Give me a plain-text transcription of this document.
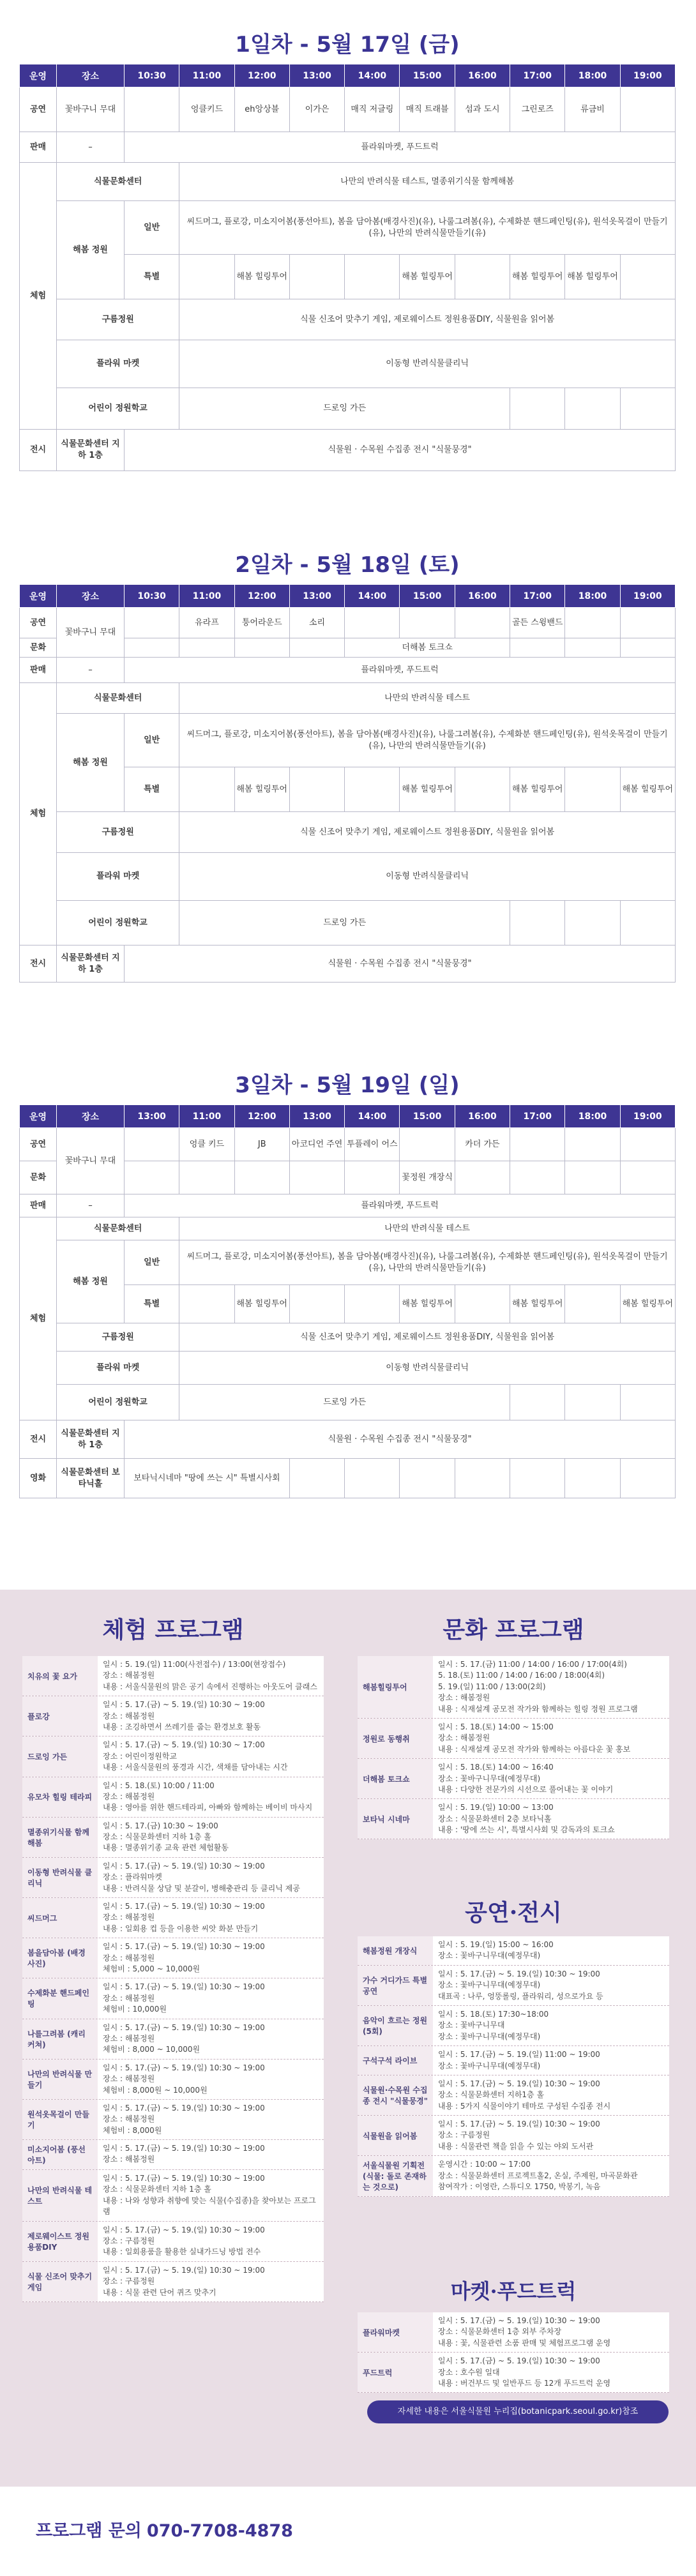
1일차 - 5월 17일 (금)
운영	장소	10:30	11:00	12:00	13:00	14:00	15:00	16:00	17:00	18:00	19:00
공연	꽃바구니 무대		엉클키드	eh앙상블	이가은	매직 저글링	매직 트래블	섬과 도시	그린로즈	류금비	
판매	–	플라워마켓, 푸드트럭									
체험	식물문화센터		나만의 반려식물 테스트, 멸종위기식물 함께해봄								
	해봄 정원	일반	씨드머그, 플로강, 미소지어봄(풍선아트), 봄을 담아봄(배경사진)(유), 나룰그려봄(유), 수제화분 핸드페인팅(유), 원석옷목걸이 만들기(유), 나만의 반려식물만들기(유)								
		특별		해봄 힐링투어			해봄 힐링투어		해봄 힐링투어	해봄 힐링투어	
	구름정원		식물 신조어 맞추기 게임, 제로웨이스트 정원용품DIY, 식물원을 읽어봄								
	플라워 마켓		이동형 반려식물클리닉								
	어린이 정원학교		드로잉 가든								
전시	식물문화센터 지하 1층	식물원 · 수목원 수집종 전시 "식물뭉경"									
2일차 - 5월 18일 (토)
운영	장소	10:30	11:00	12:00	13:00	14:00	15:00	16:00	17:00	18:00	19:00
공연	꽃바구니 무대		유라프	퉁어라운드	소리				골든 스윙밴드		
문화						더해봄 토크쇼					
판매	–	플라워마켓, 푸드트럭									
체험	식물문화센터		나만의 반려식물 테스트								
	해봄 정원	일반	씨드머그, 플로강, 미소지어봄(풍선아트), 봄을 담아봄(배경사진)(유), 나룰그려봄(유), 수제화분 핸드페인팅(유), 원석옷목걸이 만들기(유), 나만의 반려식물만들기(유)								
		특별		해봄 힐링투어			해봄 힐링투어		해봄 힐링투어		해봄 힐링투어
	구름정원		식물 신조어 맞추기 게임, 제로웨이스트 정원용품DIY, 식물원을 읽어봄								
	플라워 마켓		이동형 반려식물클리닉								
	어린이 정원학교		드로잉 가든								
전시	식물문화센터 지하 1층	식물원 · 수목원 수집종 전시 "식물뭉경"									
3일차 - 5월 19일 (일)
운영	장소	13:00	11:00	12:00	13:00	14:00	15:00	16:00	17:00	18:00	19:00
공연	꽃바구니 무대		엉클 키드	JB	아코디언 주연	투플레이 어스		카더 가든			
문화							꽃정원 개장식				
판매	–	플라워마켓, 푸드트럭									
체험	식물문화센터		나만의 반려식물 테스트								
	해봄 정원	일반	씨드머그, 플로강, 미소지어봄(풍선아트), 봄을 담아봄(배경사진)(유), 나룰그려봄(유), 수제화분 핸드페인팅(유), 원석옷목걸이 만들기(유), 나만의 반려식물만들기(유)								
		특별		해봄 힐링투어			해봄 힐링투어		해봄 힐링투어		해봄 힐링투어
	구름정원		식물 신조어 맞추기 게임, 제로웨이스트 정원용품DIY, 식물원을 읽어봄								
	플라워 마켓		이동형 반려식물클리닉								
	어린이 정원학교		드로잉 가든								
전시	식물문화센터 지하 1층	식물원 · 수목원 수집종 전시 "식물뭉경"									
영화	식물문화센터 보타닉홀	보타닉시네마 "땅에 쓰는 시" 특별시사회									
체험 프로그램
치유의 꽃 요가
일시 : 5. 19.(일) 11:00(사전접수) / 13:00(현장접수)
장소 : 해봄정원
내용 : 서울식물원의 맑은 공기 속에서 진행하는 아웃도어 클래스
플로강
일시 : 5. 17.(금) ~ 5. 19.(일) 10:30 ~ 19:00
장소 : 해봄정원
내용 : 조깅하면서 쓰레기를 줍는 환경보호 활동
드로잉 가든
일시 : 5. 17.(금) ~ 5. 19.(일) 10:30 ~ 17:00
장소 : 어린이정원학교
내용 : 서울식물원의 풍경과 시간, 색채를 담아내는 시간
유모차 힐링 테라피
일시 : 5. 18.(토) 10:00 / 11:00
장소 : 해봄정원
내용 : 영아를 위한 핸드테라피, 아빠와 함께하는 베이비 마사지
멸종위기식물 함께해봄
일시 : 5. 17.(금) 10:30 ~ 19:00
장소 : 식물문화센터 지하 1층 홀
내용 : 멸종위기종 교육 관련 체험활동
이동형 반려식물 클리닉
일시 : 5. 17.(금) ~ 5. 19.(일) 10:30 ~ 19:00
장소 : 플라워마켓
내용 : 반려식물 상담 및 분갈이, 병해충관리 등 클리닉 제공
씨드머그
일시 : 5. 17.(금) ~ 5. 19.(일) 10:30 ~ 19:00
장소 : 해봄정원
내용 : 일회용 컵 등을 이용한 씨앗 화분 만들기
봄을담아봄 (배경사진)
일시 : 5. 17.(금) ~ 5. 19.(일) 10:30 ~ 19:00
장소 : 해봄정원
체험비 : 5,000 ~ 10,000원
수제화분 핸드페인팅
일시 : 5. 17.(금) ~ 5. 19.(일) 10:30 ~ 19:00
장소 : 해봄정원
체험비 : 10,000원
나를그려봄 (캐리커쳐)
일시 : 5. 17.(금) ~ 5. 19.(일) 10:30 ~ 19:00
장소 : 해봄정원
체험비 : 8,000 ~ 10,000원
나만의 반려식물 만들기
일시 : 5. 17.(금) ~ 5. 19.(일) 10:30 ~ 19:00
장소 : 해봄정원
체험비 : 8,000원 ~ 10,000원
원석옷목걸이 만들기
일시 : 5. 17.(금) ~ 5. 19.(일) 10:30 ~ 19:00
장소 : 해봄정원
체험비 : 8,000원
미소지어봄 (풍선아트)
일시 : 5. 17.(금) ~ 5. 19.(일) 10:30 ~ 19:00
장소 : 해봄정원
나만의 반려식물 테스트
일시 : 5. 17.(금) ~ 5. 19.(일) 10:30 ~ 19:00
장소 : 식물문화센터 지하 1층 홀
내용 : 나와 성향과 취향에 맞는 식물(수집종)을 찾아보는 프로그램
제로웨이스트 정원용품DIY
일시 : 5. 17.(금) ~ 5. 19.(일) 10:30 ~ 19:00
장소 : 구름정원
내용 : 일회용품을 활용한 실내가드닝 방법 전수
식물 신조어 맞추기 게임
일시 : 5. 17.(금) ~ 5. 19.(일) 10:30 ~ 19:00
장소 : 구름정원
내용 : 식물 관련 단어 퀴즈 맞추기
문화 프로그램
해봄힐링투어
일시 : 5. 17.(금) 11:00 / 14:00 / 16:00 / 17:00(4회)
5. 18.(토) 11:00 / 14:00 / 16:00 / 18:00(4회)
5. 19.(일) 11:00 / 13:00(2회)
장소 : 해봄정원
내용 : 식재설계 공모전 작가와 함께하는 힐링 정원 프로그램
정원로 동행취
일시 : 5. 18.(토) 14:00 ~ 15:00
장소 : 해봄정원
내용 : 식재설계 공모전 작가와 함께하는 아름다운 꽃 홍보
더해봄 토크쇼
일시 : 5. 18.(토) 14:00 ~ 16:40
장소 : 꽃바구니무대(예정무대)
내용 : 다양한 전문가의 시선으로 풀어내는 꽃 이야기
보타닉 시네마
일시 : 5. 19.(일) 10:00 ~ 13:00
장소 : 식물문화센터 2층 보타닉홀
내용 : '땅에 쓰는 시', 특별시사회 및 감독과의 토크쇼
공연·전시
해봄정원 개장식
일시 : 5. 19.(일) 15:00 ~ 16:00
장소 : 꽃바구니무대(예정무대)
가수 거디가드 특별공연
일시 : 5. 17.(금) ~ 5. 19.(일) 10:30 ~ 19:00
장소 : 꽃바구니무대(예정무대)
대표곡 : 나루, 엉뚱롤링, 플라워리, 성으로가요 등
음악이 흐르는 정원(5회)
일시 : 5. 18.(토) 17:30~18:00
장소 : 꽃바구니무대
장소 : 꽃바구니무대(예정무대)
구석구석 라이브
일시 : 5. 17.(금) ~ 5. 19.(일) 11:00 ~ 19:00
장소 : 꽃바구니무대(예정무대)
식물원·수목원 수집종 전시 "식물뭉경"
일시 : 5. 17.(금) ~ 5. 19.(일) 10:30 ~ 19:00
장소 : 식물문화센터 지하1층 홀
내용 : 5가지 식물이야기 테마로 구성된 수집종 전시
식물원을 읽어봄
일시 : 5. 17.(금) ~ 5. 19.(일) 10:30 ~ 19:00
장소 : 구름정원
내용 : 식물관련 책을 읽을 수 있는 야외 도서관
서울식물원 기획전 (식물: 돌로 존재하는 것으로)
운영시간 : 10:00 ~ 17:00
장소 : 식물문화센터 프로젝트홀2, 온실, 주제원, 마곡문화관
참여작가 : 이영란, 스튜디오 1750, 박봉기, 녹음
마켓·푸드트럭
플라워마켓
일시 : 5. 17.(금) ~ 5. 19.(일) 10:30 ~ 19:00
장소 : 식물문화센터 1층 외부 주차장
내용 : 꽃, 식물관련 소품 판매 및 체험프로그램 운영
푸드트럭
일시 : 5. 17.(금) ~ 5. 19.(일) 10:30 ~ 19:00
장소 : 호수원 일대
내용 : 버건부드 및 일반푸드 등 12개 푸드트럭 운영
자세한 내용은 서울식물원 누리집(botanicpark.seoul.go.kr)참조
프로그램 문의 070-7708-4878
